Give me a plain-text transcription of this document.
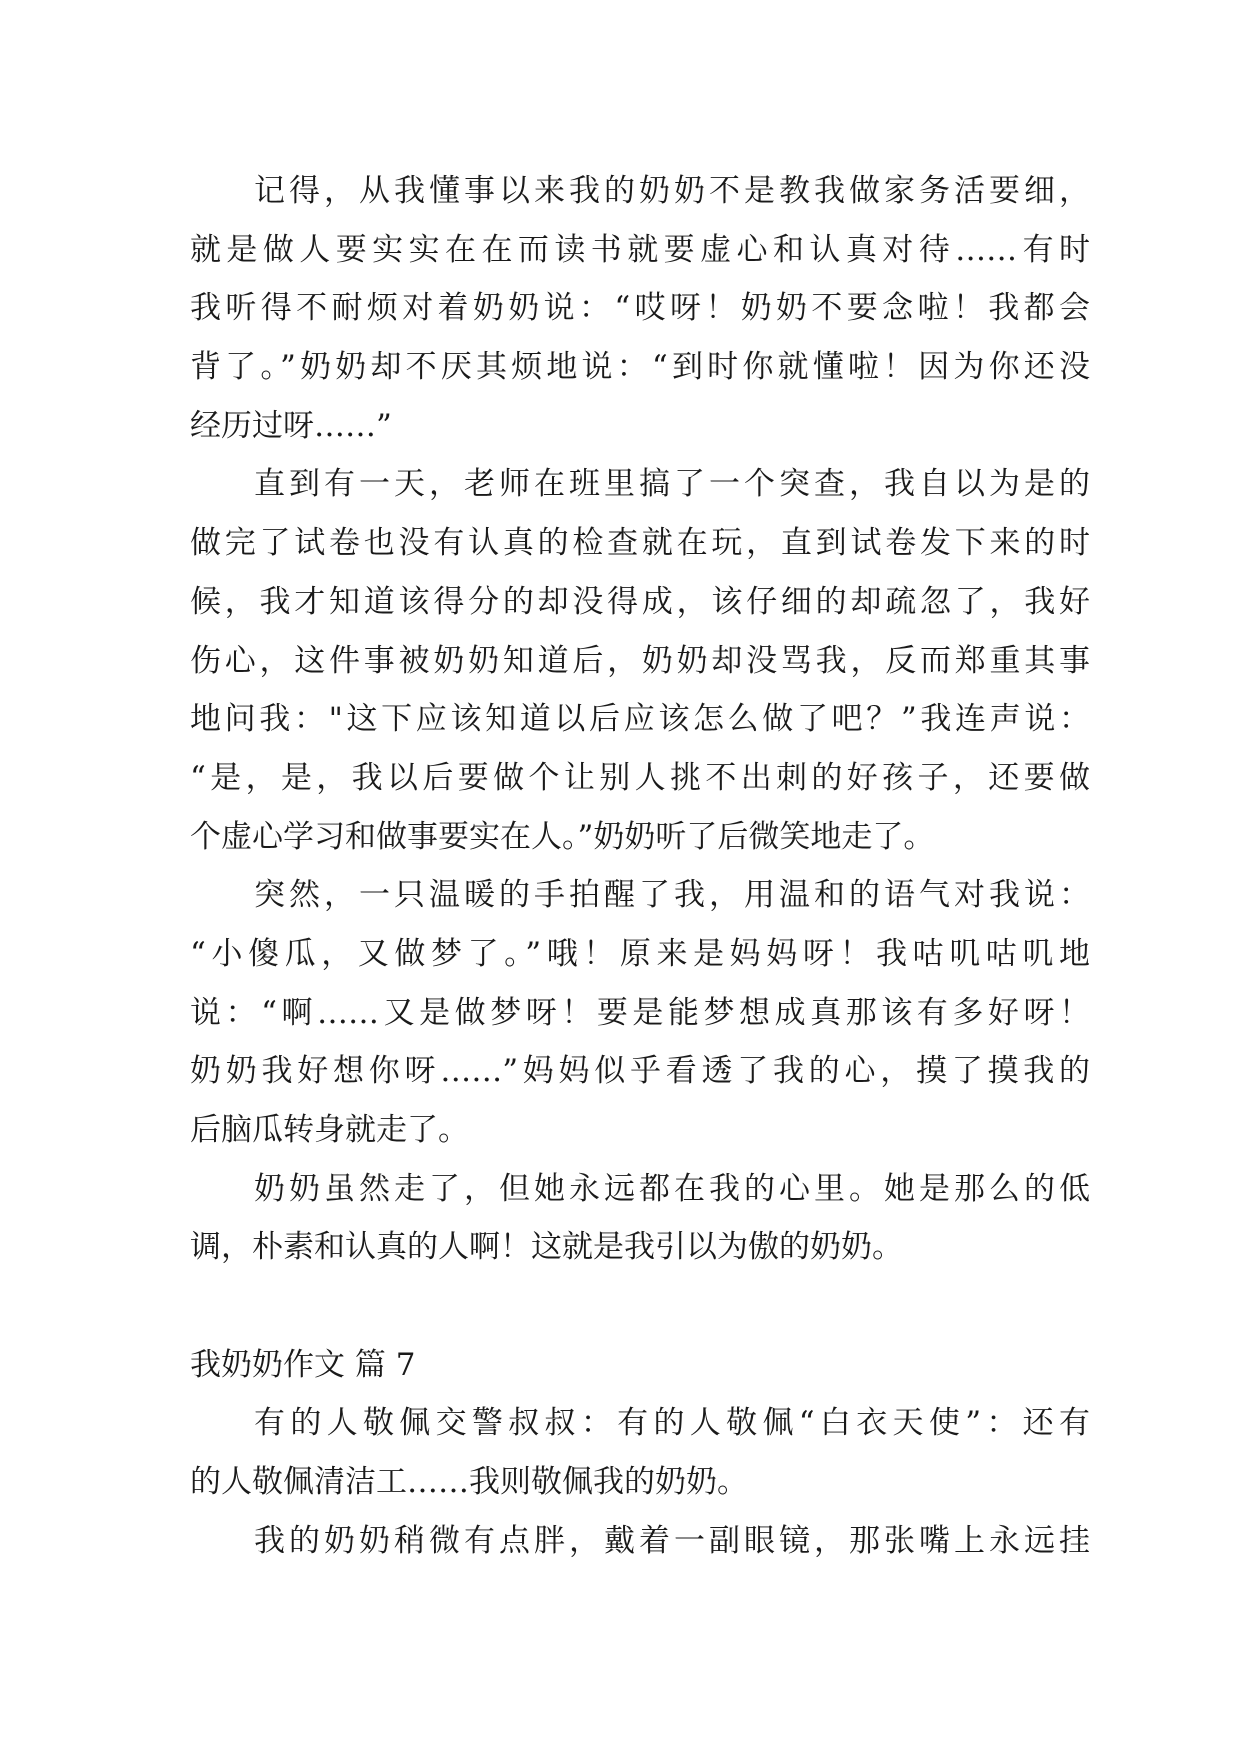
记得，从我懂事以来我的奶奶不是教我做家务活要细，
就是做人要实实在在而读书就要虚心和认真对待……有时
我听得不耐烦对着奶奶说：“哎呀！奶奶不要念啦！我都会
背了。”奶奶却不厌其烦地说：“到时你就懂啦！因为你还没
经历过呀……”
直到有一天，老师在班里搞了一个突查，我自以为是的
做完了试卷也没有认真的检查就在玩，直到试卷发下来的时
候，我才知道该得分的却没得成，该仔细的却疏忽了，我好
伤心，这件事被奶奶知道后，奶奶却没骂我，反而郑重其事
地问我："这下应该知道以后应该怎么做了吧？”我连声说：
“是，是，我以后要做个让别人挑不出刺的好孩子，还要做
个虚心学习和做事要实在人。”奶奶听了后微笑地走了。
突然，一只温暖的手拍醒了我，用温和的语气对我说：
“小傻瓜，又做梦了。”哦！原来是妈妈呀！我咕叽咕叽地
说：“啊……又是做梦呀！要是能梦想成真那该有多好呀！
奶奶我好想你呀……”妈妈似乎看透了我的心，摸了摸我的
后脑瓜转身就走了。
奶奶虽然走了，但她永远都在我的心里。她是那么的低
调，朴素和认真的人啊！这就是我引以为傲的奶奶。
我奶奶作文 篇 7
有的人敬佩交警叔叔：有的人敬佩“白衣天使”：还有
的人敬佩清洁工……我则敬佩我的奶奶。
我的奶奶稍微有点胖，戴着一副眼镜，那张嘴上永远挂
